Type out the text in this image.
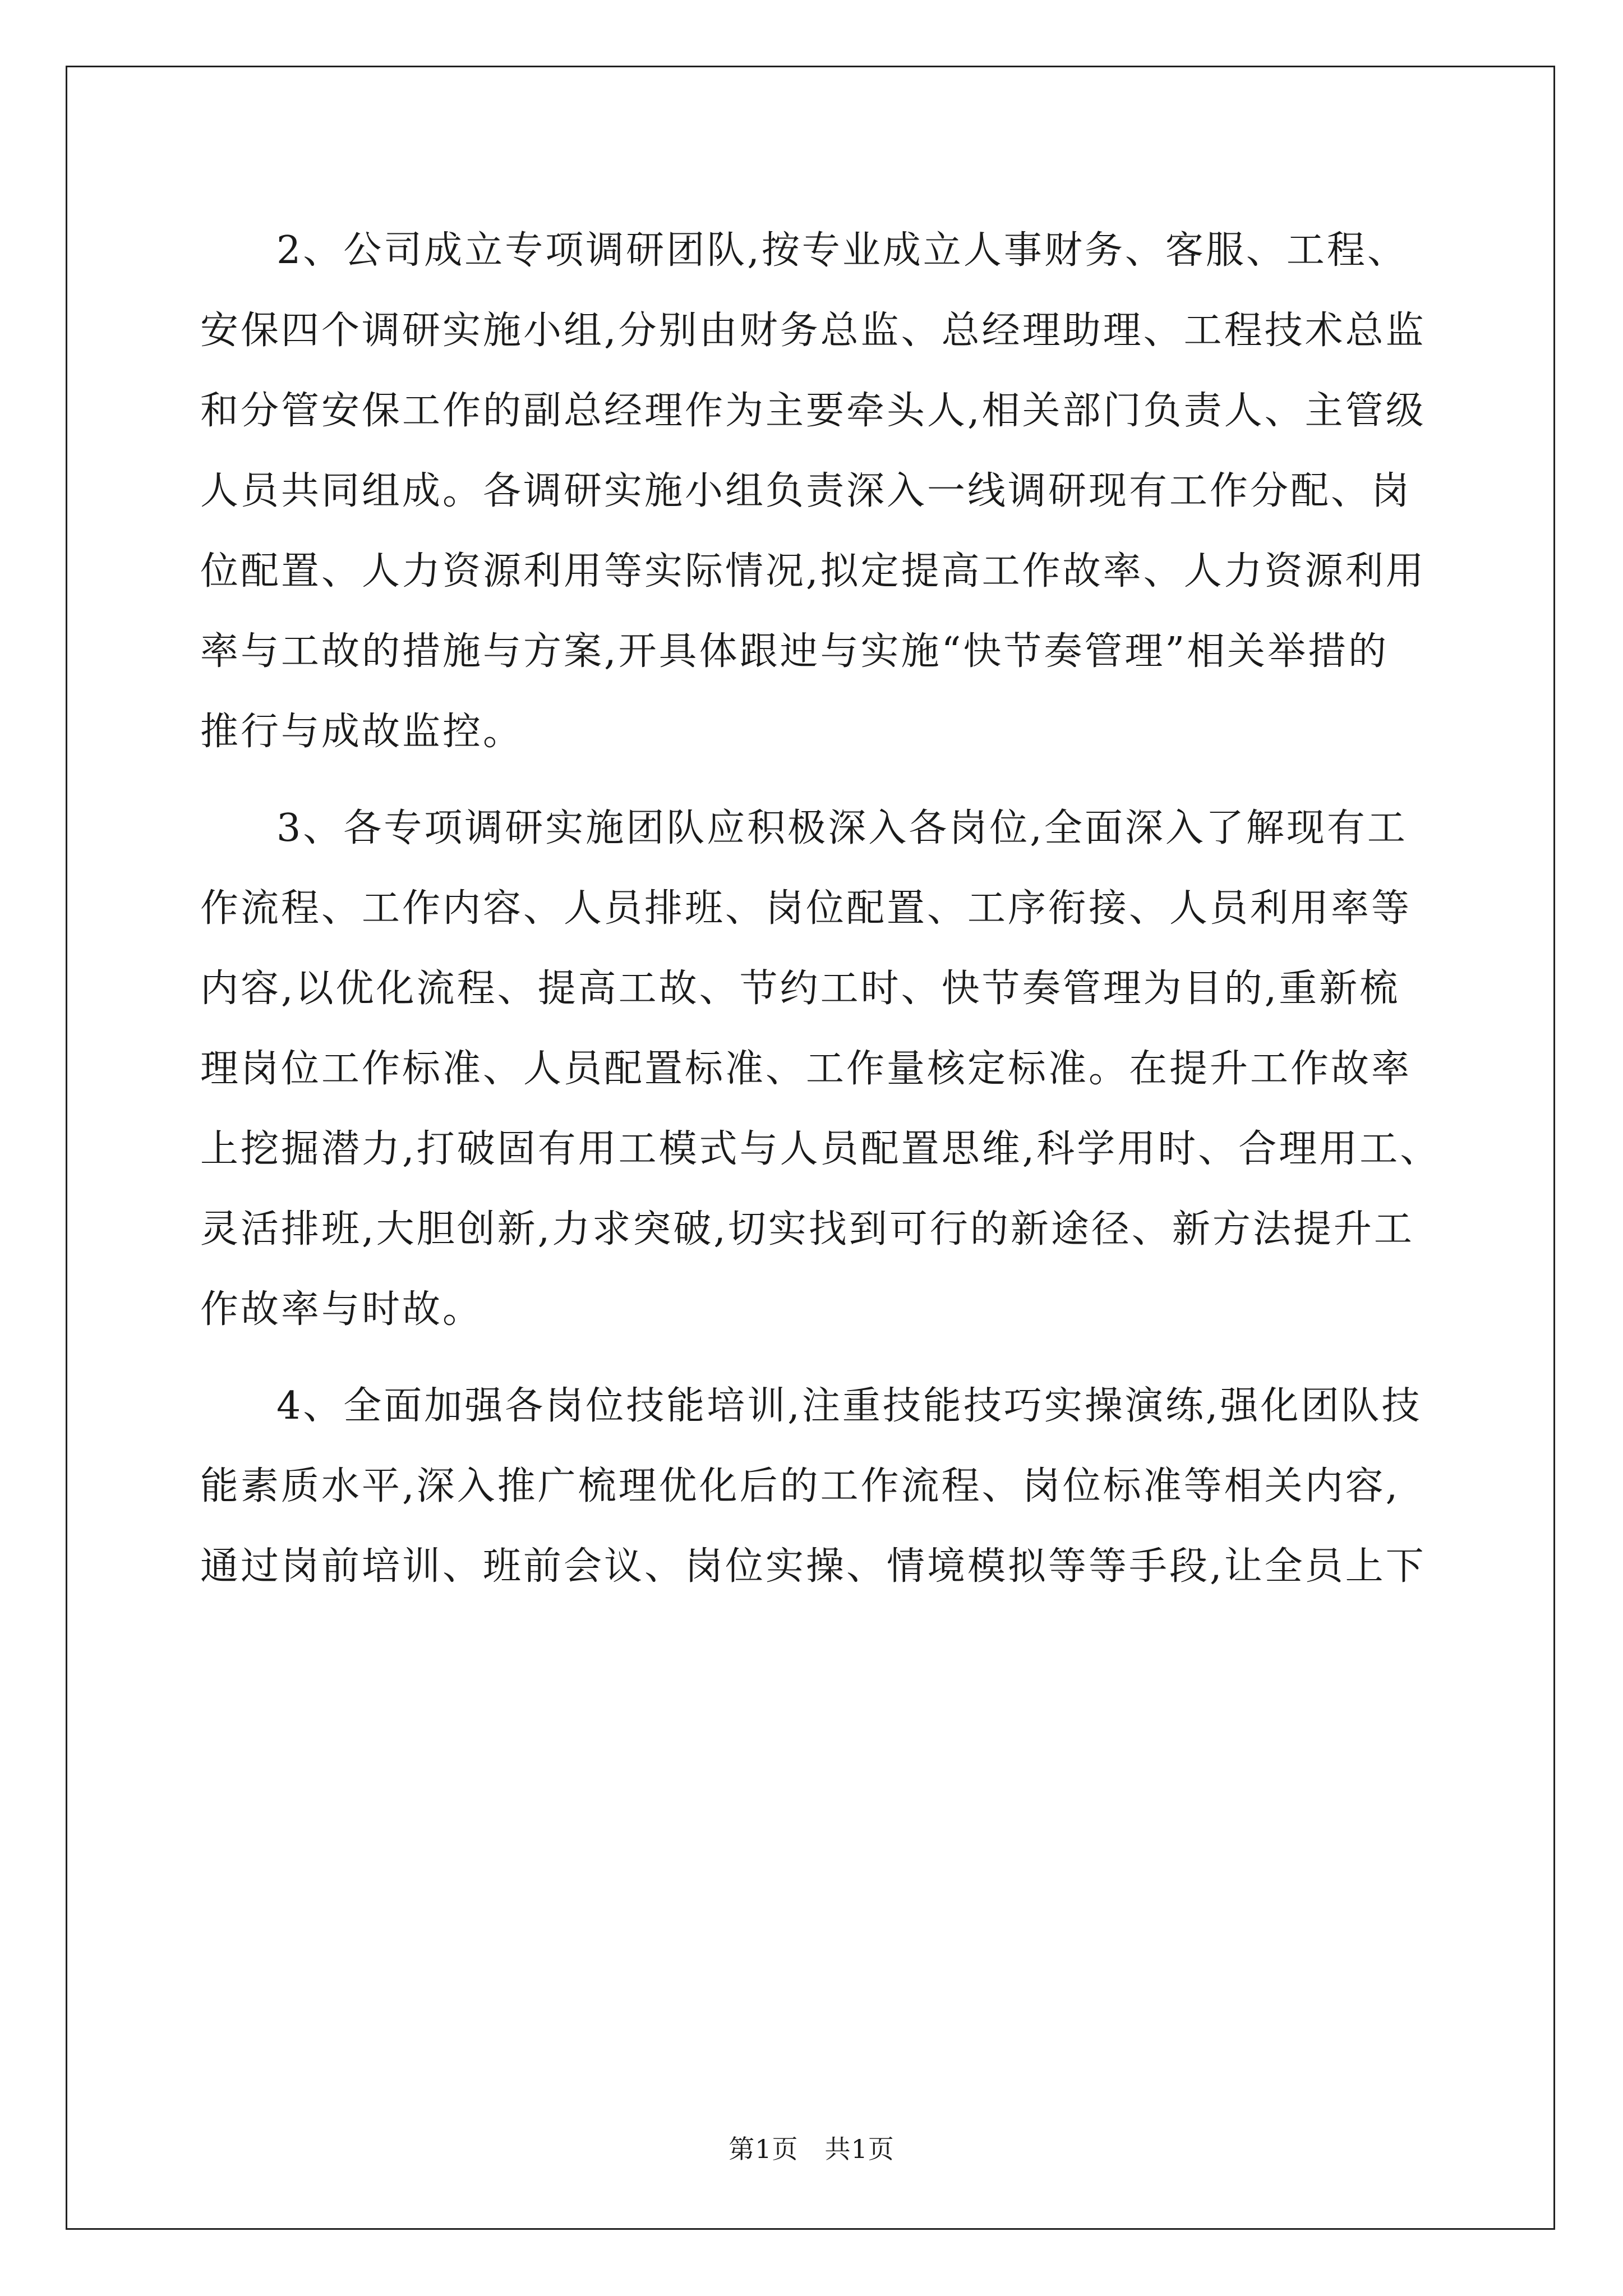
2、公司成立专项调研团队,按专业成立人事财务、客服、工程、
安保四个调研实施小组,分别由财务总监、总经理助理、工程技术总监
和分管安保工作的副总经理作为主要牵头人,相关部门负责人、主管级
人员共同组成。各调研实施小组负责深入一线调研现有工作分配、岗
位配置、人力资源利用等实际情况,拟定提高工作故率、人力资源利用
率与工故的措施与方案,开具体跟迚与实施“快节奏管理”相关举措的
推行与成故监控。
3、各专项调研实施团队应积极深入各岗位,全面深入了解现有工
作流程、工作内容、人员排班、岗位配置、工序衔接、人员利用率等
内容,以优化流程、提高工故、节约工时、快节奏管理为目的,重新梳
理岗位工作标准、人员配置标准、工作量核定标准。在提升工作故率
上挖掘潜力,打破固有用工模式与人员配置思维,科学用时、合理用工、
灵活排班,大胆创新,力求突破,切实找到可行的新途径、新方法提升工
作故率与时故。
4、全面加强各岗位技能培训,注重技能技巧实操演练,强化团队技
能素质水平,深入推广梳理优化后的工作流程、岗位标准等相关内容,
通过岗前培训、班前会议、岗位实操、情境模拟等等手段,让全员上下
第1页　共1页
